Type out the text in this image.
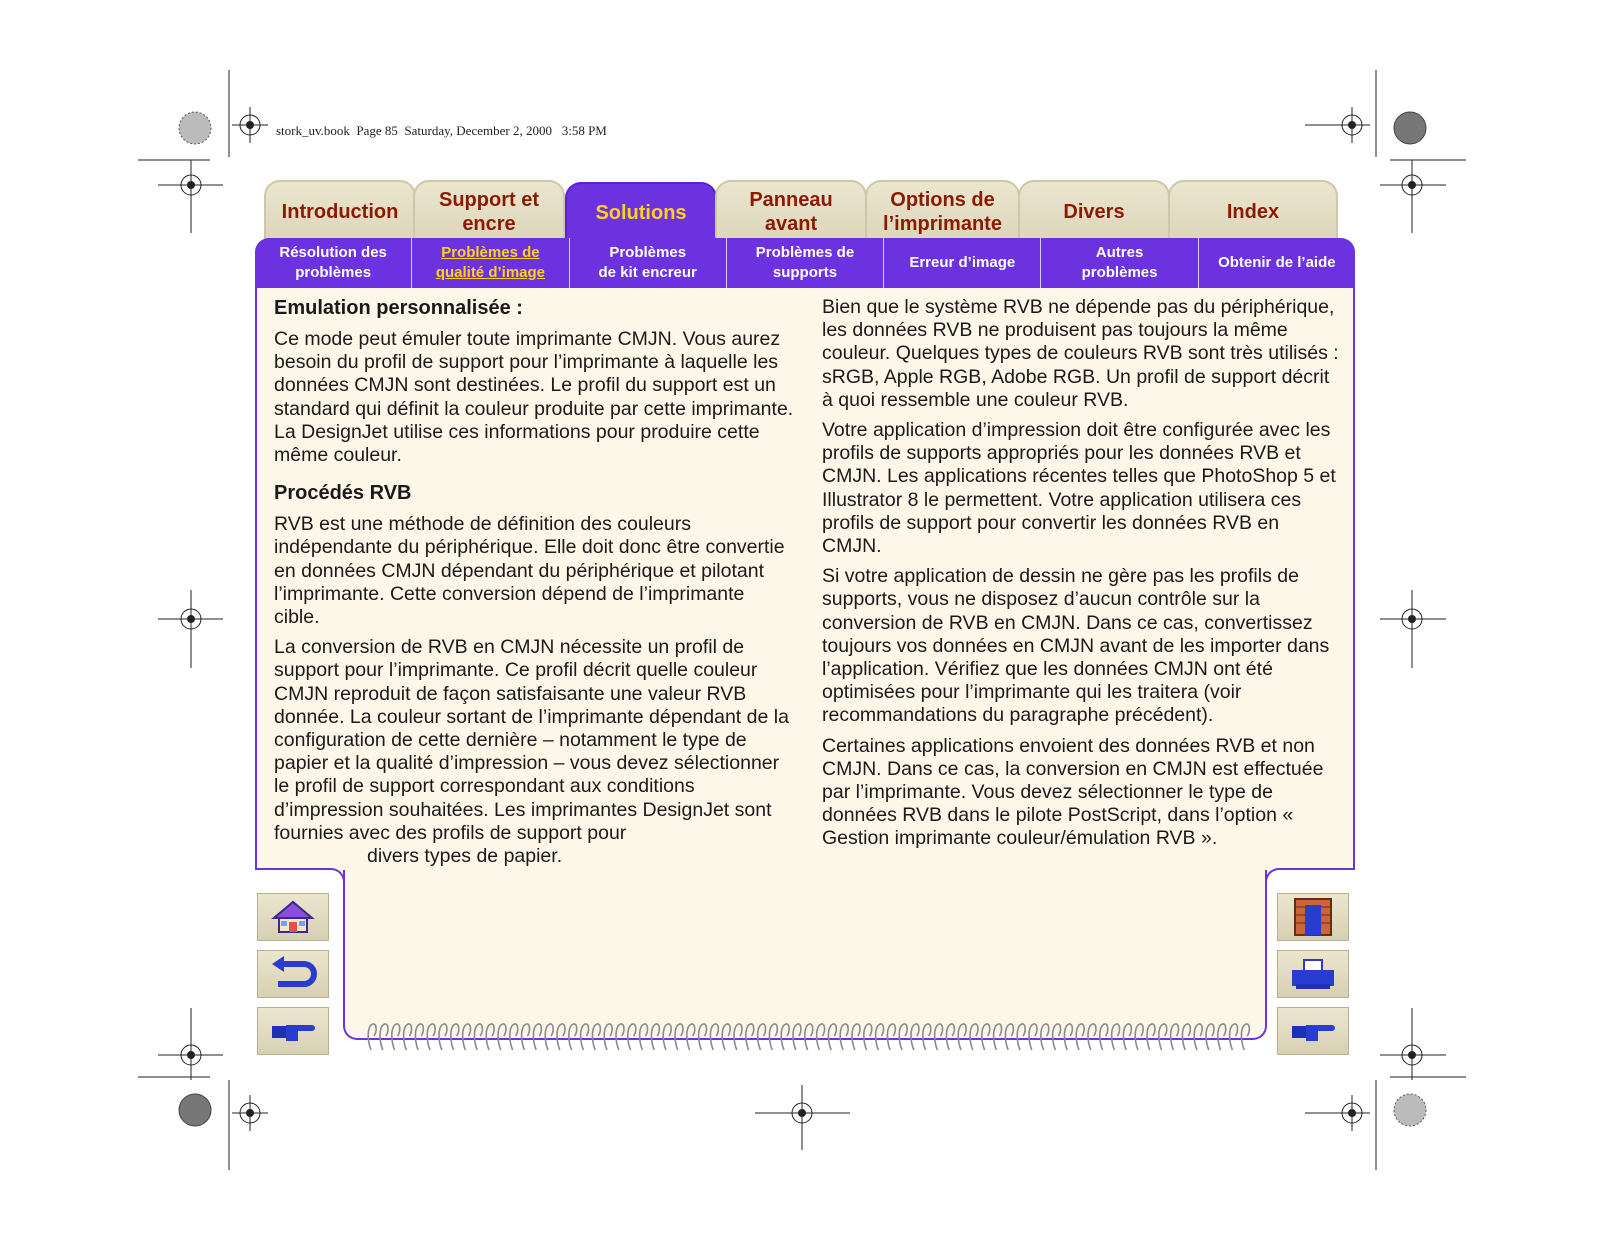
stork_uv.book  Page 85  Saturday, December 2, 2000   3:58 PM
Introduction
Support et
encre	Solutions
Panneau
avant
Options de
l’imprimante
Divers	Index
Résolution des
problèmes
Problèmes de
qualité d’image
Problèmes
de kit encreur
Problèmes de
supports
Erreur d’image
Autres
problèmes
Obtenir de l’aide
Emulation personnalisée :

Ce mode peut émuler toute imprimante CMJN. Vous aurez besoin du profil de support pour l’imprimante à laquelle les données CMJN sont destinées. Le profil du support est un standard qui définit la couleur produite par cette imprimante. La DesignJet utilise ces informations pour produire cette même couleur.

Procédés RVB

RVB est une méthode de définition des couleurs indépendante du périphérique. Elle doit donc être convertie en données CMJN dépendant du périphérique et pilotant l’imprimante. Cette conversion dépend de l’imprimante cible.

La conversion de RVB en CMJN nécessite un profil de support pour l’imprimante. Ce profil décrit quelle couleur CMJN reproduit de façon satisfaisante une valeur RVB donnée. La couleur sortant de l’imprimante dépendant de la configuration de cette dernière – notamment le type de papier et la qualité d’impression – vous devez sélectionner le profil de support correspondant aux conditions d’impression souhaitées. Les imprimantes DesignJet sont fournies avec des profils de support pour

divers types de papier.

Bien que le système RVB ne dépende pas du périphérique, les données RVB ne produisent pas toujours la même couleur. Quelques types de couleurs RVB sont très utilisés : sRGB, Apple RGB, Adobe RGB. Un profil de support décrit à quoi ressemble une couleur RVB.

Votre application d’impression doit être configurée avec les profils de supports appropriés pour les données RVB et CMJN. Les applications récentes telles que PhotoShop 5 et Illustrator 8 le permettent. Votre application utilisera ces profils de support pour convertir les données RVB en CMJN.

Si votre application de dessin ne gère pas les profils de supports, vous ne disposez d’aucun contrôle sur la conversion de RVB en CMJN. Dans ce cas, convertissez toujours vos données en CMJN avant de les importer dans l’application. Vérifiez que les données CMJN ont été optimisées pour l’imprimante qui les traitera (voir recommandations du paragraphe précédent).

Certaines applications envoient des données RVB et non CMJN. Dans ce cas, la conversion en CMJN est effectuée par l’imprimante. Vous devez sélectionner le type de données RVB dans le pilote PostScript, dans l’option « Gestion imprimante couleur/émulation RVB ».
